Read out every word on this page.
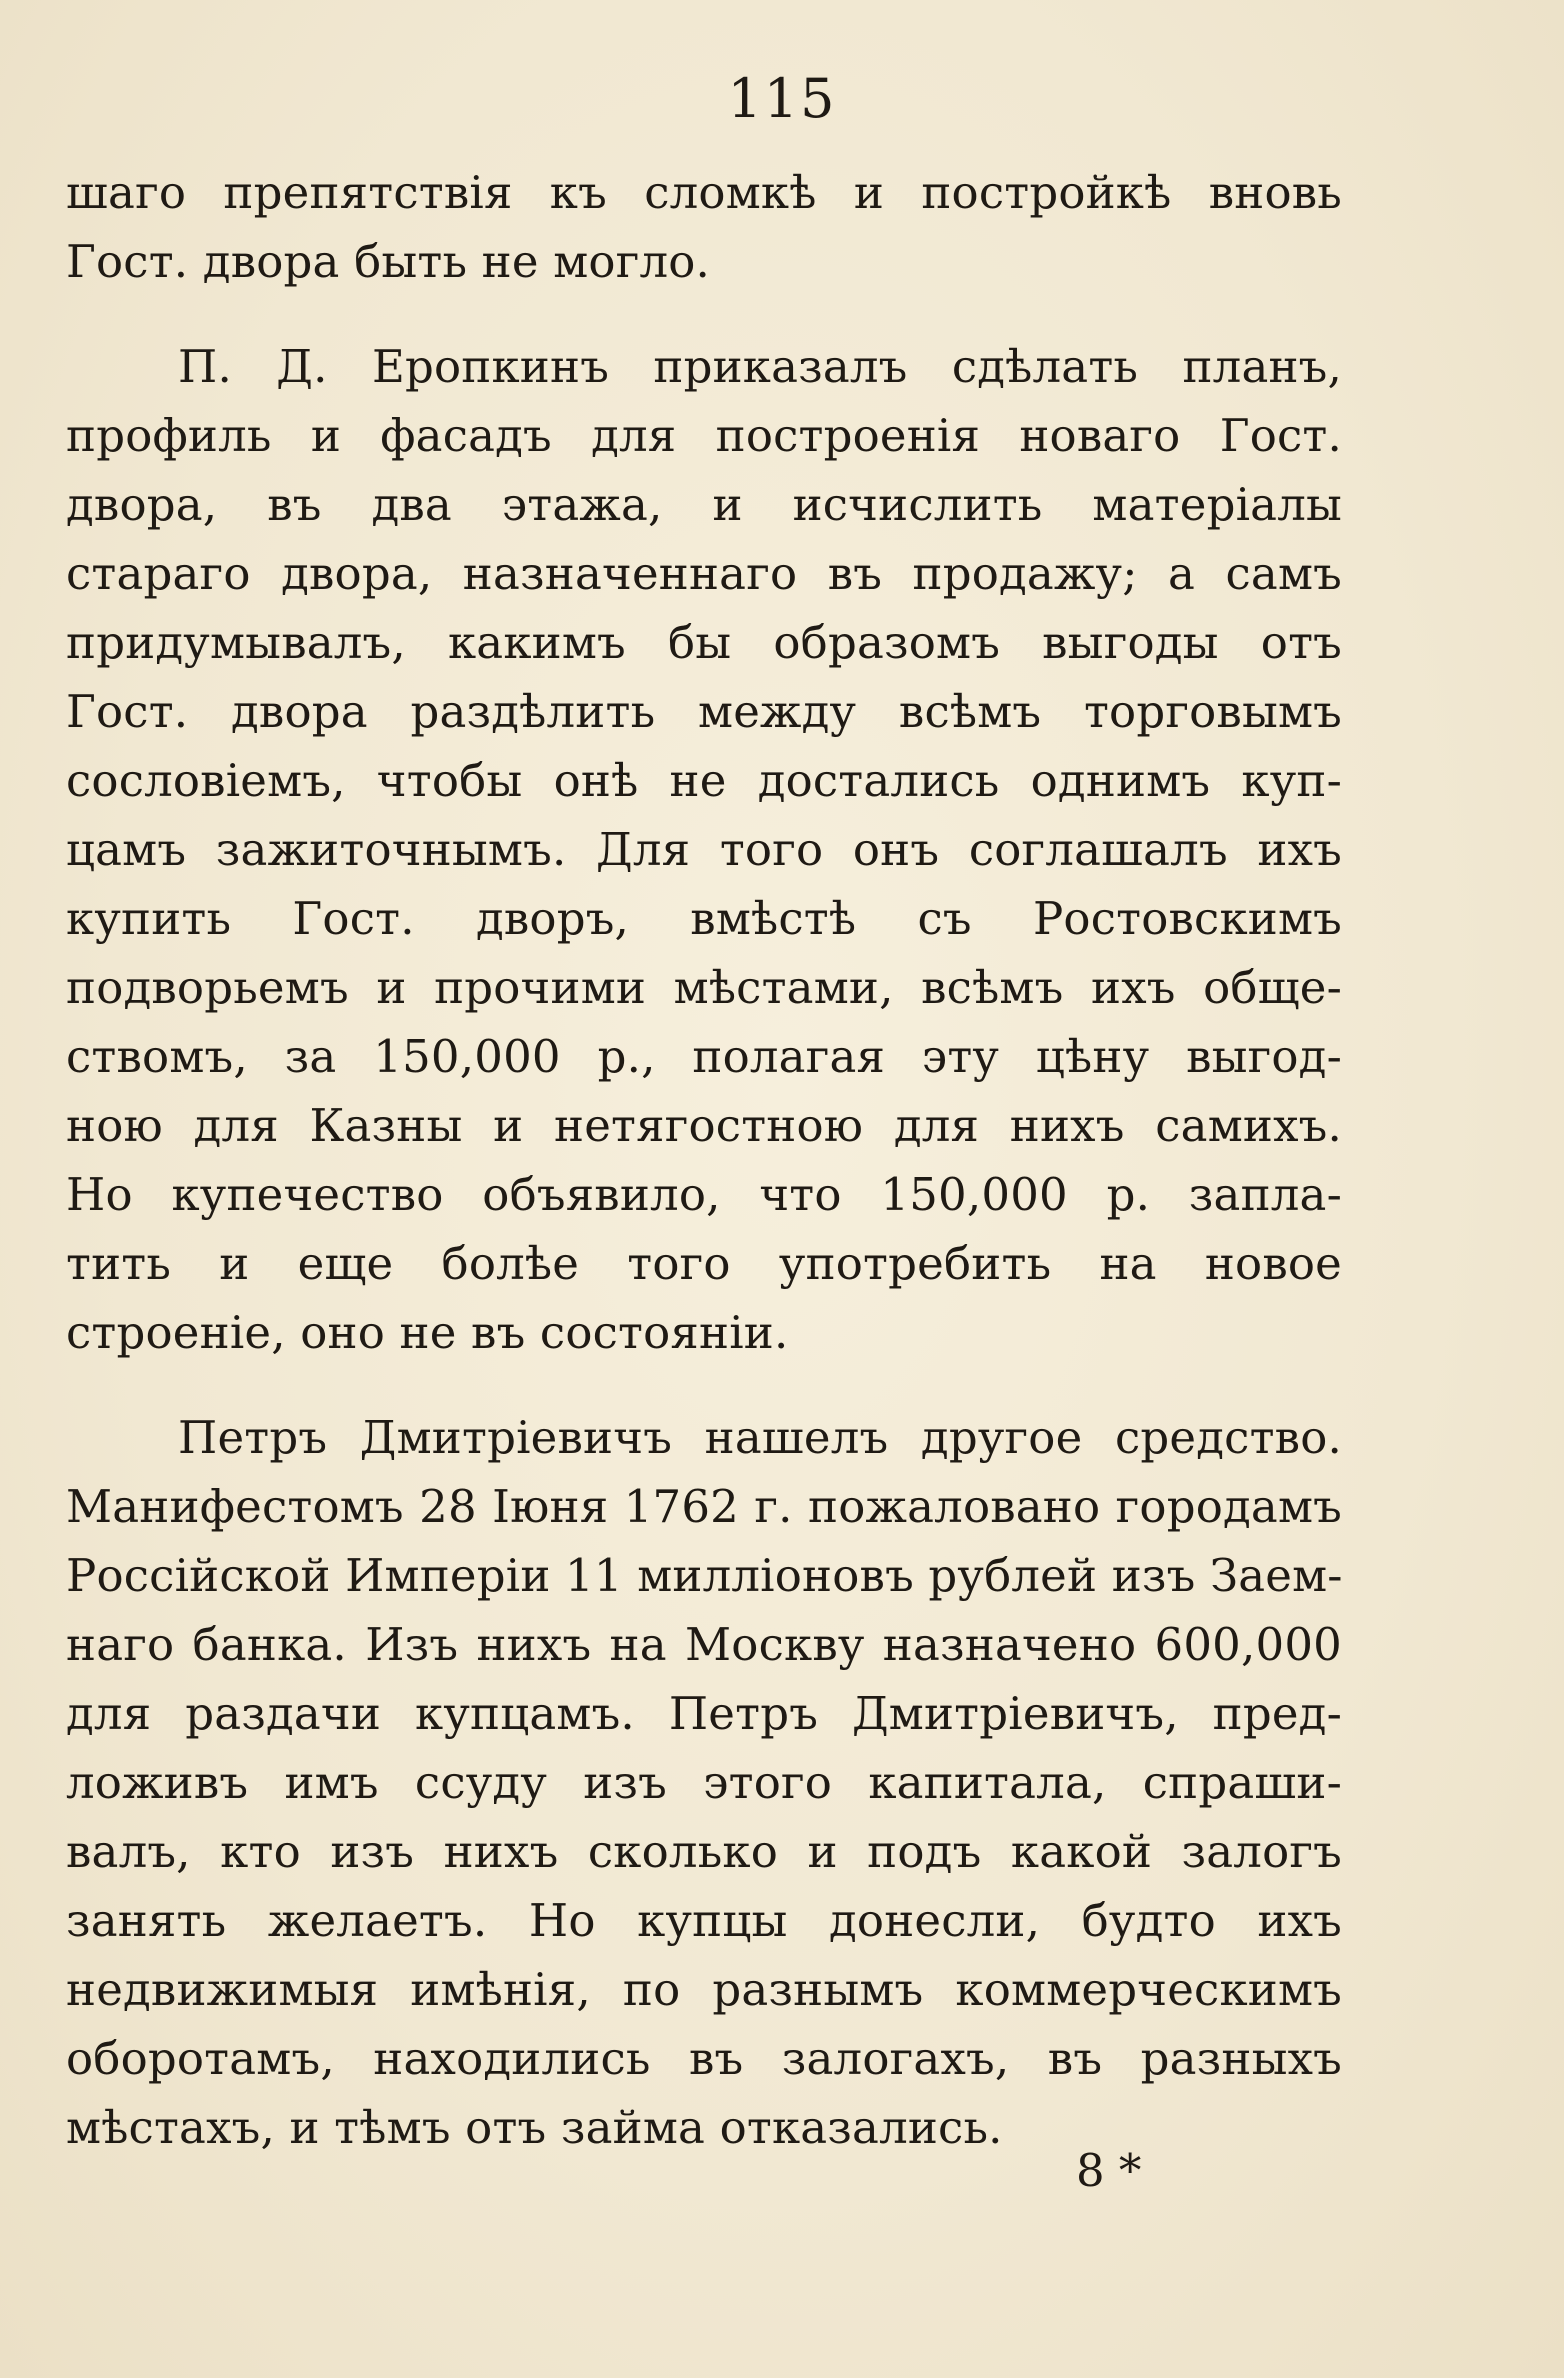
115
шаго препятствія къ сломкѣ и постройкѣ вновь
Гост. двора быть не могло.
П. Д. Еропкинъ приказалъ сдѣлать планъ,
профиль и фасадъ для построенія новаго Гост.
двора, въ два этажа, и исчислить матеріалы
стараго двора, назначеннаго въ продажу; а самъ
придумывалъ, какимъ бы образомъ выгоды отъ
Гост. двора раздѣлить между всѣмъ торговымъ
сословіемъ, чтобы онѣ не достались однимъ куп-
цамъ зажиточнымъ. Для того онъ соглашалъ ихъ
купить Гост. дворъ, вмѣстѣ съ Ростовскимъ
подворьемъ и прочими мѣстами, всѣмъ ихъ обще-
ствомъ, за 150,000 р., полагая эту цѣну выгод-
ною для Казны и нетягостною для нихъ самихъ.
Но купечество объявило, что 150,000 р. запла-
тить и еще болѣе того употребить на новое
строеніе, оно не въ состояніи.
Петръ Дмитріевичъ нашелъ другое средство.
Манифестомъ 28 Іюня 1762 г. пожаловано городамъ
Россійской Имперіи 11 милліоновъ рублей изъ Заем-
наго банка. Изъ нихъ на Москву назначено 600,000
для раздачи купцамъ. Петръ Дмитріевичъ, пред-
ложивъ имъ ссуду изъ этого капитала, спраши-
валъ, кто изъ нихъ сколько и подъ какой залогъ
занять желаетъ. Но купцы донесли, будто ихъ
недвижимыя имѣнія, по разнымъ коммерческимъ
оборотамъ, находились въ залогахъ, въ разныхъ
мѣстахъ, и тѣмъ отъ займа отказались.
8 *
